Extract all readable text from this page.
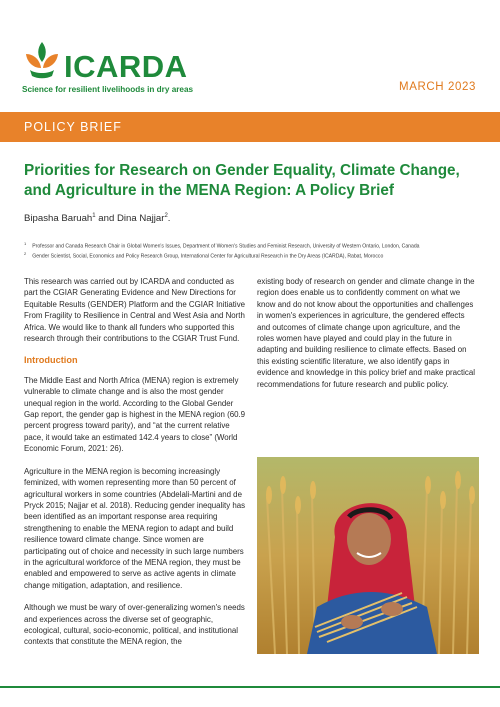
ICARDA
Science for resilient livelihoods in dry areas	MARCH 2023
POLICY BRIEF
Priorities for Research on Gender Equality, Climate Change,
and Agriculture in the MENA Region: A Policy Brief
Bipasha Baruah$^1$ and Dina Najjar$^2$.
$^1$Professor and Canada Research Chair in Global Women's Issues, Department of Women's Studies and Feminist Research, University of Western Ontario, London, Canada
$^2$Gender Scientist, Social, Economics and Policy Research Group, International Center for Agricultural Research in the Dry Areas (ICARDA), Rabat, Morocco

This research was carried out by ICARDA and conducted as part the CGIAR Generating Evidence and New Directions for Equitable Results (GENDER) Platform and the CGIAR Initiative From Fragility to Resilience in Central and West Asia and North Africa. We would like to thank all funders who supported this research through their contributions to the CGIAR Trust Fund.

Introduction

The Middle East and North Africa (MENA) region is extremely vulnerable to climate change and is also the most gender unequal region in the world. According to the Global Gender Gap report, the gender gap is highest in the MENA region (60.9 percent progress toward parity), and “at the current relative pace, it would take an estimated 142.4 years to close” (World Economic Forum, 2021: 26).

Agriculture in the MENA region is becoming increasingly feminized, with women representing more than 50 percent of agricultural workers in some countries (Abdelali-Martini and de Pryck 2015; Najjar et al. 2018). Reducing gender inequality has been identified as an important response area requiring strengthening to enable the MENA region to adapt and build resilience toward climate change. Since women are participating out of choice and necessity in such large numbers in the agricultural workforce of the MENA region, they must be enabled and empowered to serve as active agents in climate change mitigation, adaptation, and resilience.

Although we must be wary of over-generalizing women's needs and experiences across the diverse set of geographic, ecological, cultural, socio-economic, political, and institutional contexts that constitute the MENA region, the

existing body of research on gender and climate change in the region does enable us to confidently comment on what we know and do not know about the opportunities and challenges in women's experiences in agriculture, the gendered effects and outcomes of climate change upon agriculture, and the roles women have played and could play in the future in adapting and building resilience to climate effects. Based on this existing scientific literature, we also identify gaps in evidence and knowledge in this policy brief and make practical recommendations for future research and public policy.
